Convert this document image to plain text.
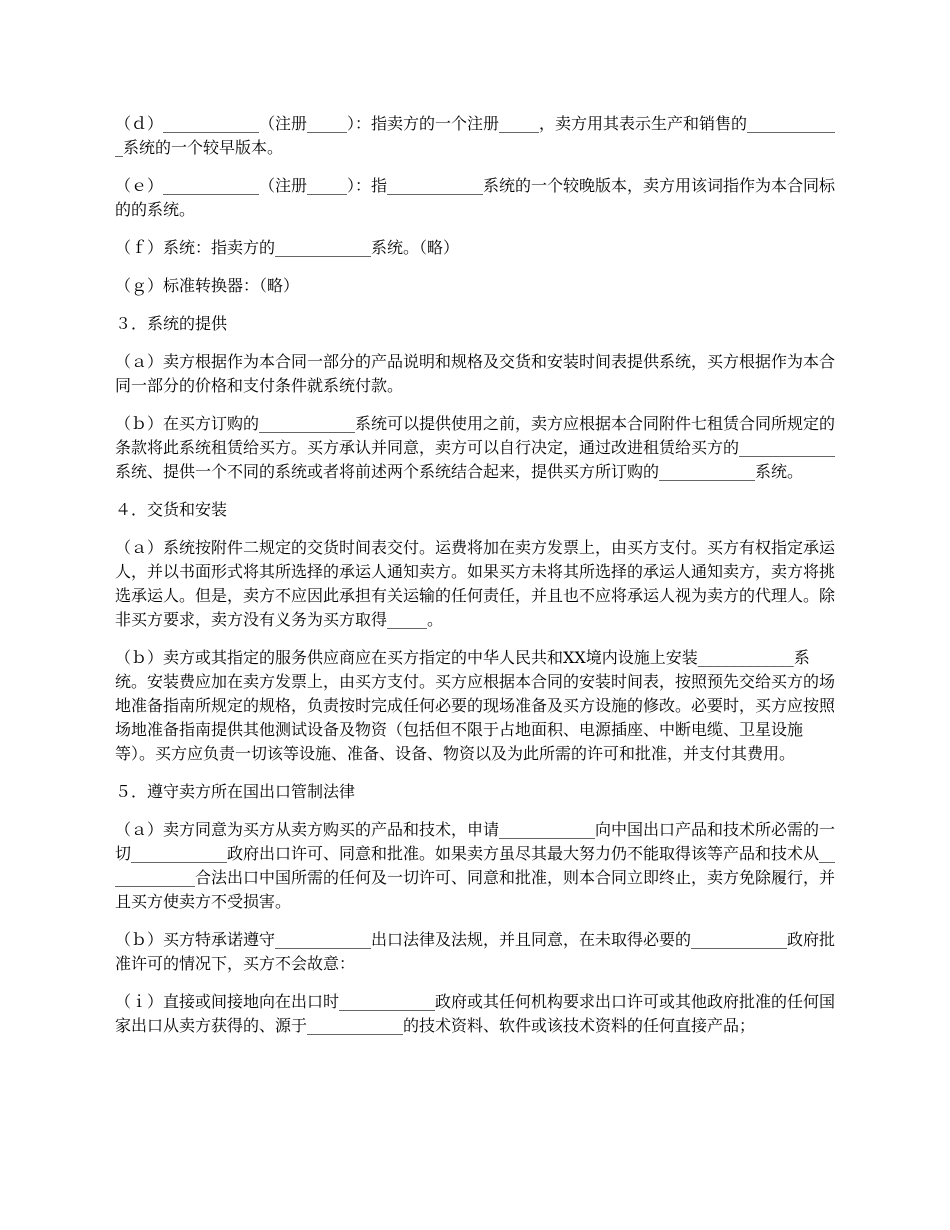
（ｄ）____________（注册_____）：指卖方的一个注册_____，卖方用其表示生产和销售的____________系统的一个较早版本。

（ｅ）____________（注册_____）：指____________系统的一个较晚版本，卖方用该词指作为本合同标的的系统。

（ｆ）系统：指卖方的____________系统。（略）

（ｇ）标准转换器：（略）

３．系统的提供

（ａ）卖方根据作为本合同一部分的产品说明和规格及交货和安装时间表提供系统，买方根据作为本合同一部分的价格和支付条件就系统付款。

（ｂ）在买方订购的____________系统可以提供使用之前，卖方应根据本合同附件七租赁合同所规定的条款将此系统租赁给买方。买方承认并同意，卖方可以自行决定，通过改进租赁给买方的____________系统、提供一个不同的系统或者将前述两个系统结合起来，提供买方所订购的____________系统。

４．交货和安装

（ａ）系统按附件二规定的交货时间表交付。运费将加在卖方发票上，由买方支付。买方有权指定承运人，并以书面形式将其所选择的承运人通知卖方。如果买方未将其所选择的承运人通知卖方，卖方将挑选承运人。但是，卖方不应因此承担有关运输的任何责任，并且也不应将承运人视为卖方的代理人。除非买方要求，卖方没有义务为买方取得_____。

（ｂ）卖方或其指定的服务供应商应在买方指定的中华人民共和XX境内设施上安装____________系统。安装费应加在卖方发票上，由买方支付。买方应根据本合同的安装时间表，按照预先交给买方的场地准备指南所规定的规格，负责按时完成任何必要的现场准备及买方设施的修改。必要时，买方应按照场地准备指南提供其他测试设备及物资（包括但不限于占地面积、电源插座、中断电缆、卫星设施等）。买方应负责一切该等设施、准备、设备、物资以及为此所需的许可和批准，并支付其费用。

５．遵守卖方所在国出口管制法律

（ａ）卖方同意为买方从卖方购买的产品和技术，申请____________向中国出口产品和技术所必需的一切____________政府出口许可、同意和批准。如果卖方虽尽其最大努力仍不能取得该等产品和技术从____________合法出口中国所需的任何及一切许可、同意和批准，则本合同立即终止，卖方免除履行，并且买方使卖方不受损害。

（ｂ）买方特承诺遵守____________出口法律及法规，并且同意，在未取得必要的____________政府批准许可的情况下，买方不会故意：

（ｉ）直接或间接地向在出口时____________政府或其任何机构要求出口许可或其他政府批准的任何国家出口从卖方获得的、源于____________的技术资料、软件或该技术资料的任何直接产品；
